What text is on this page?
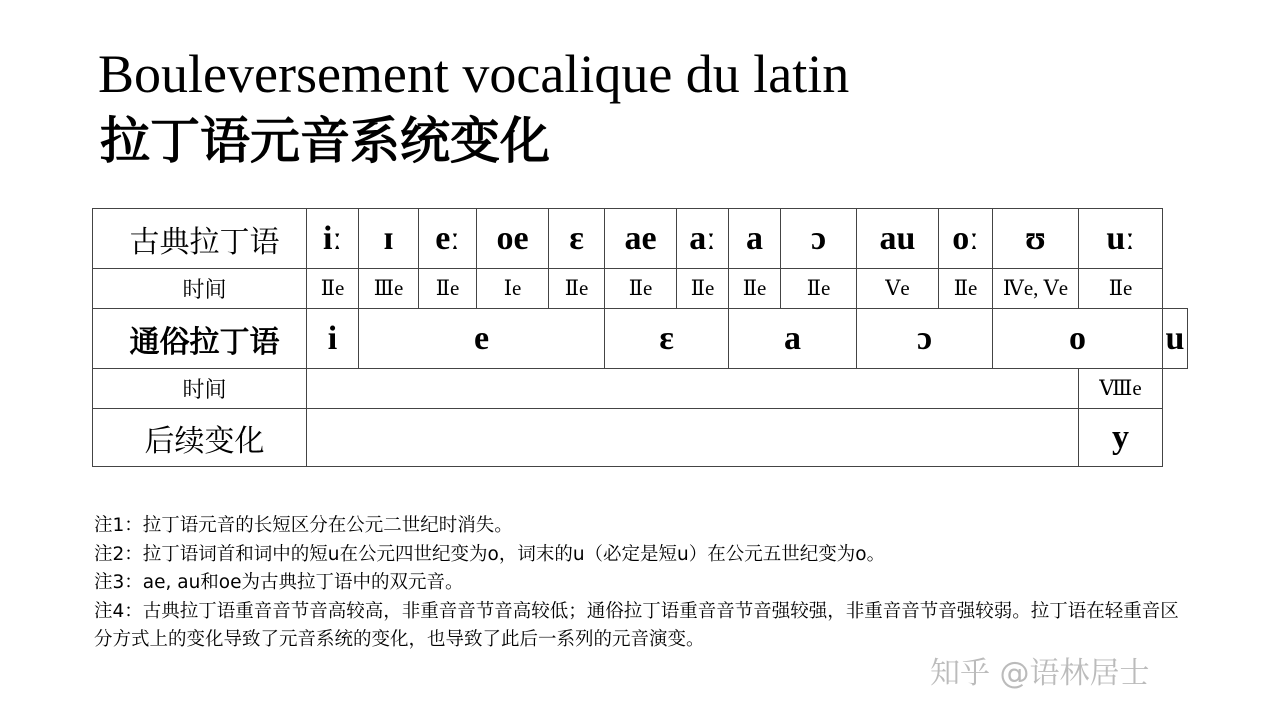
Bouleversement vocalique du latin
拉丁语元音系统变化
古典拉丁语	iː	ɪ	eː	oe	ɛ	ae	aː	a	ɔ	au	oː	ʊ	uː	
时间	Ⅱe	Ⅲe	Ⅱe	Ⅰe	Ⅱe	Ⅱe	Ⅱe	Ⅱe	Ⅱe	Ⅴe	Ⅱe	Ⅳe, Ⅴe	Ⅱe	
通俗拉丁语	i	e				ɛ		a		ɔ		o		u
时间													Ⅷe	
后续变化													y	
注1：拉丁语元音的长短区分在公元二世纪时消失。
注2：拉丁语词首和词中的短u在公元四世纪变为o，词末的u（必定是短u）在公元五世纪变为o。
注3：ae, au和oe为古典拉丁语中的双元音。
注4：古典拉丁语重音音节音高较高，非重音音节音高较低；通俗拉丁语重音音节音强较强，非重音音节音强较弱。拉丁语在轻重音区分方式上的变化导致了元音系统的变化，也导致了此后一系列的元音演变。
知乎 @语林居士
